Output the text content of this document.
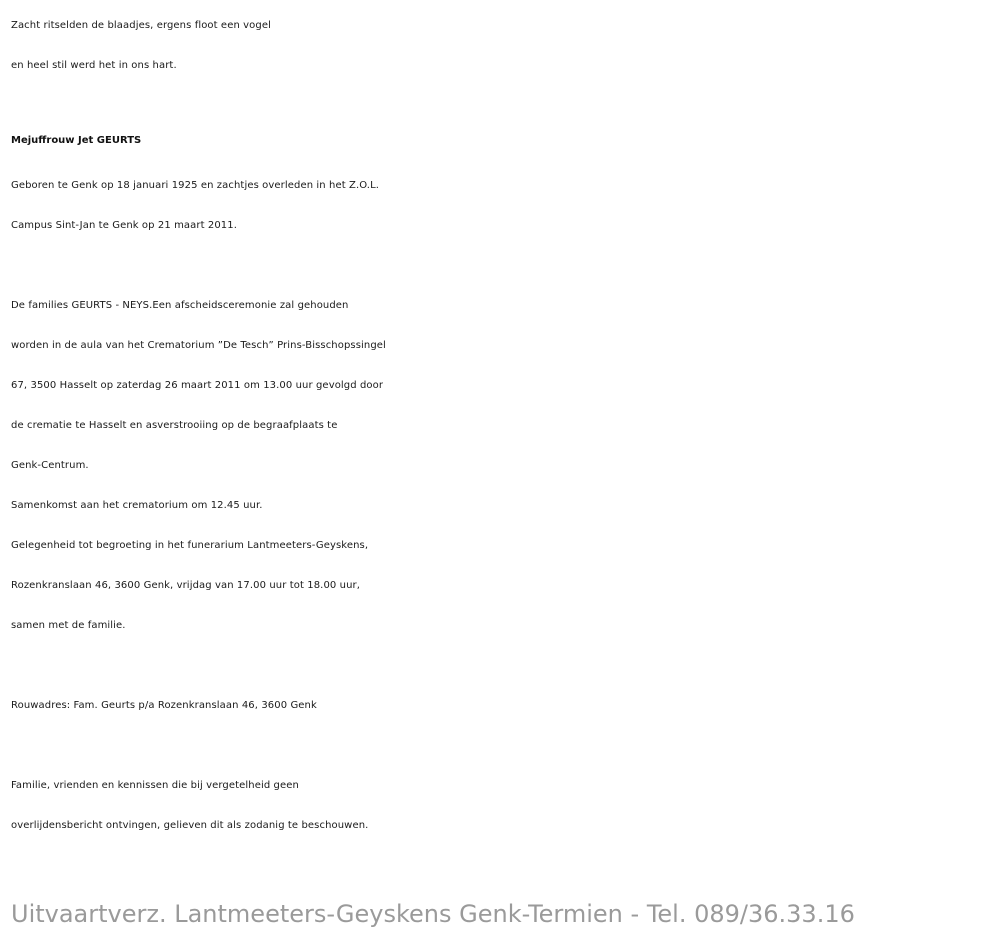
Zacht ritselden de blaadjes, ergens floot een vogel
en heel stil werd het in ons hart.
Mejuffrouw Jet GEURTS
Geboren te Genk op 18 januari 1925 en zachtjes overleden in het Z.O.L.
Campus Sint-Jan te Genk op 21 maart 2011.
De families GEURTS - NEYS.Een afscheidsceremonie zal gehouden
worden in de aula van het Crematorium ”De Tesch” Prins-Bisschopssingel
67, 3500 Hasselt op zaterdag 26 maart 2011 om 13.00 uur gevolgd door
de crematie te Hasselt en asverstrooiing op de begraafplaats te
Genk-Centrum.
Samenkomst aan het crematorium om 12.45 uur.
Gelegenheid tot begroeting in het funerarium Lantmeeters-Geyskens,
Rozenkranslaan 46, 3600 Genk, vrijdag van 17.00 uur tot 18.00 uur,
samen met de familie.
Rouwadres: Fam. Geurts p/a Rozenkranslaan 46, 3600 Genk
Familie, vrienden en kennissen die bij vergetelheid geen
overlijdensbericht ontvingen, gelieven dit als zodanig te beschouwen.
Uitvaartverz. Lantmeeters-Geyskens Genk-Termien - Tel. 089/36.33.16
